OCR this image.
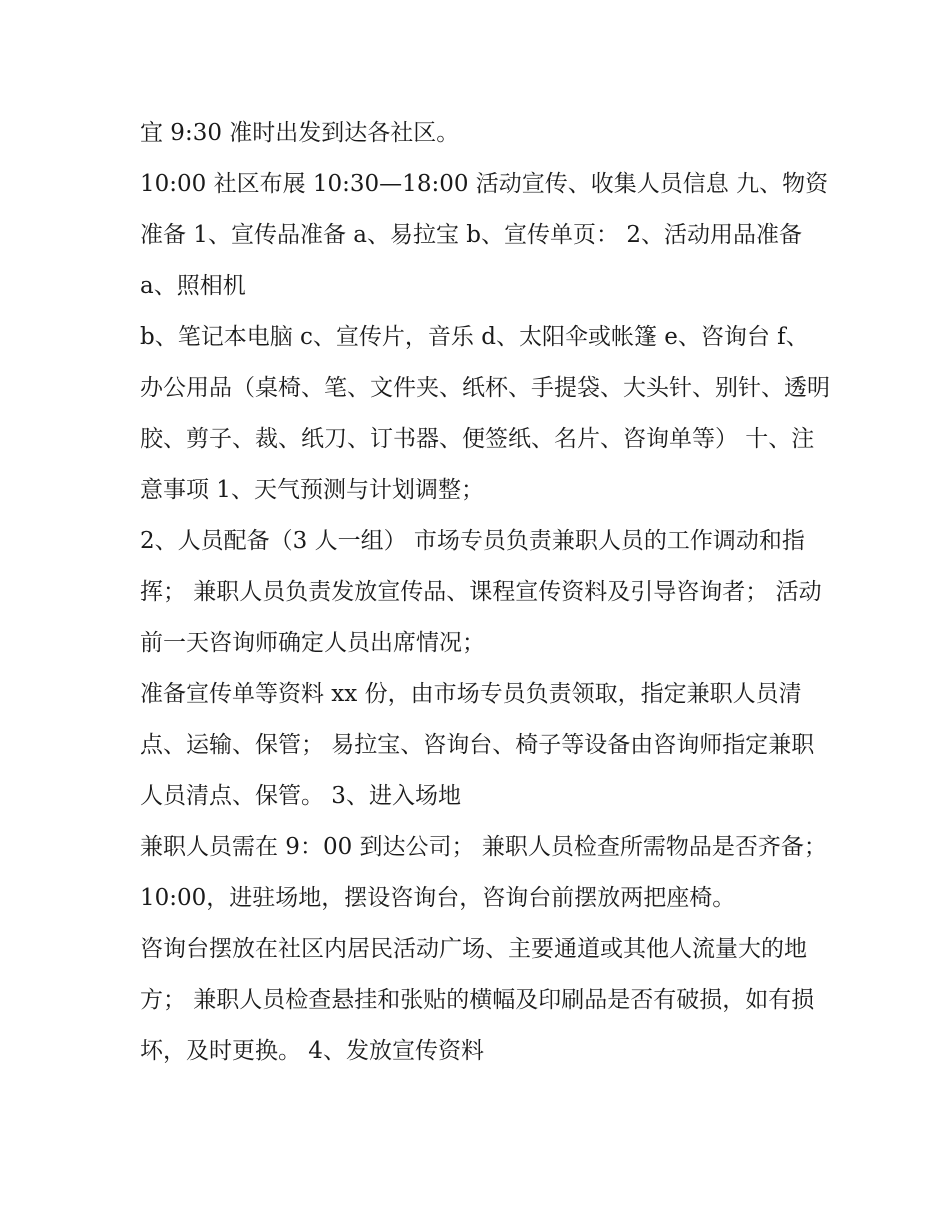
宜 9:30 准时出发到达各社区。

10:00 社区布展 10:30—18:00 活动宣传、收集人员信息 九、物资准备 1、宣传品准备 a、易拉宝 b、宣传单页： 2、活动用品准备 a、照相机

b、笔记本电脑 c、宣传片，音乐 d、太阳伞或帐篷 e、咨询台 f、办公用品（桌椅、笔、文件夹、纸杯、手提袋、大头针、别针、透明胶、剪子、裁、纸刀、订书器、便签纸、名片、咨询单等） 十、注意事项 1、天气预测与计划调整；

2、人员配备（3 人一组） 市场专员负责兼职人员的工作调动和指挥； 兼职人员负责发放宣传品、课程宣传资料及引导咨询者； 活动前一天咨询师确定人员出席情况；

准备宣传单等资料 xx 份，由市场专员负责领取，指定兼职人员清点、运输、保管； 易拉宝、咨询台、椅子等设备由咨询师指定兼职人员清点、保管。 3、进入场地

兼职人员需在 9：00 到达公司； 兼职人员检查所需物品是否齐备； 10:00，进驻场地，摆设咨询台，咨询台前摆放两把座椅。

咨询台摆放在社区内居民活动广场、主要通道或其他人流量大的地方； 兼职人员检查悬挂和张贴的横幅及印刷品是否有破损，如有损坏，及时更换。 4、发放宣传资料
